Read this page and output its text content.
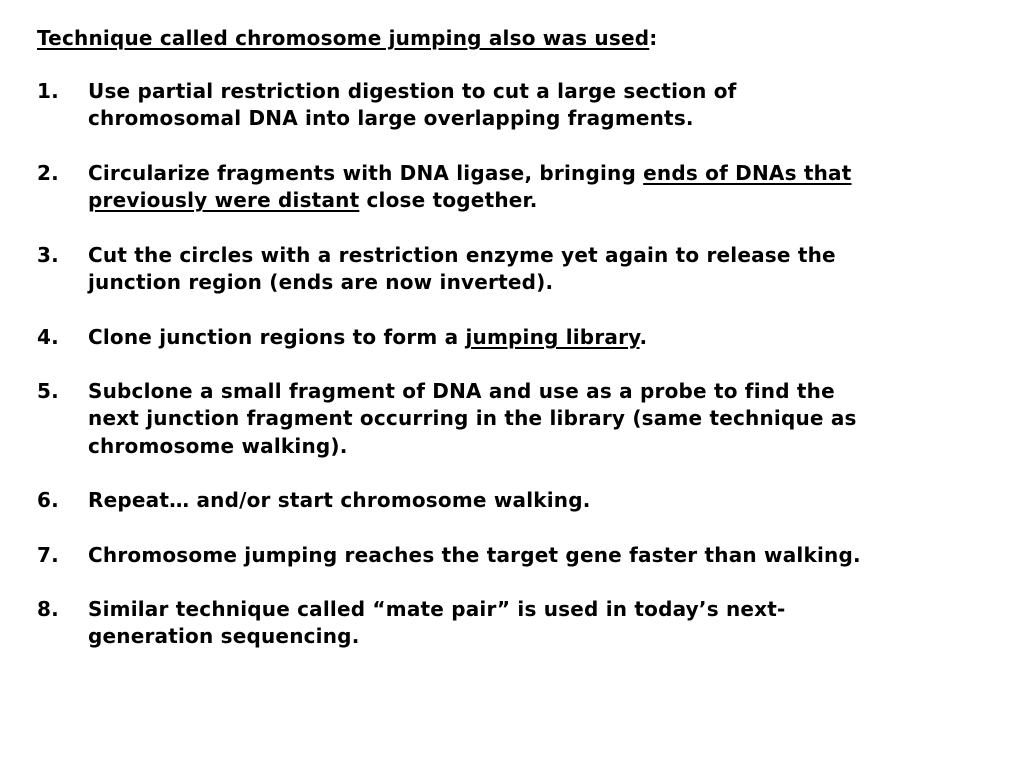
Technique called chromosome jumping also was used:
1. Use partial restriction digestion to cut a large section of
chromosomal DNA into large overlapping fragments.
2. Circularize fragments with DNA ligase, bringing ends of DNAs that
previously were distant close together.
3. Cut the circles with a restriction enzyme yet again to release the
junction region (ends are now inverted).
4. Clone junction regions to form a jumping library.
5. Subclone a small fragment of DNA and use as a probe to find the
next junction fragment occurring in the library (same technique as
chromosome walking).
6. Repeat… and/or start chromosome walking.
7. Chromosome jumping reaches the target gene faster than walking.
8. Similar technique called “mate pair” is used in today’s next-
generation sequencing.
